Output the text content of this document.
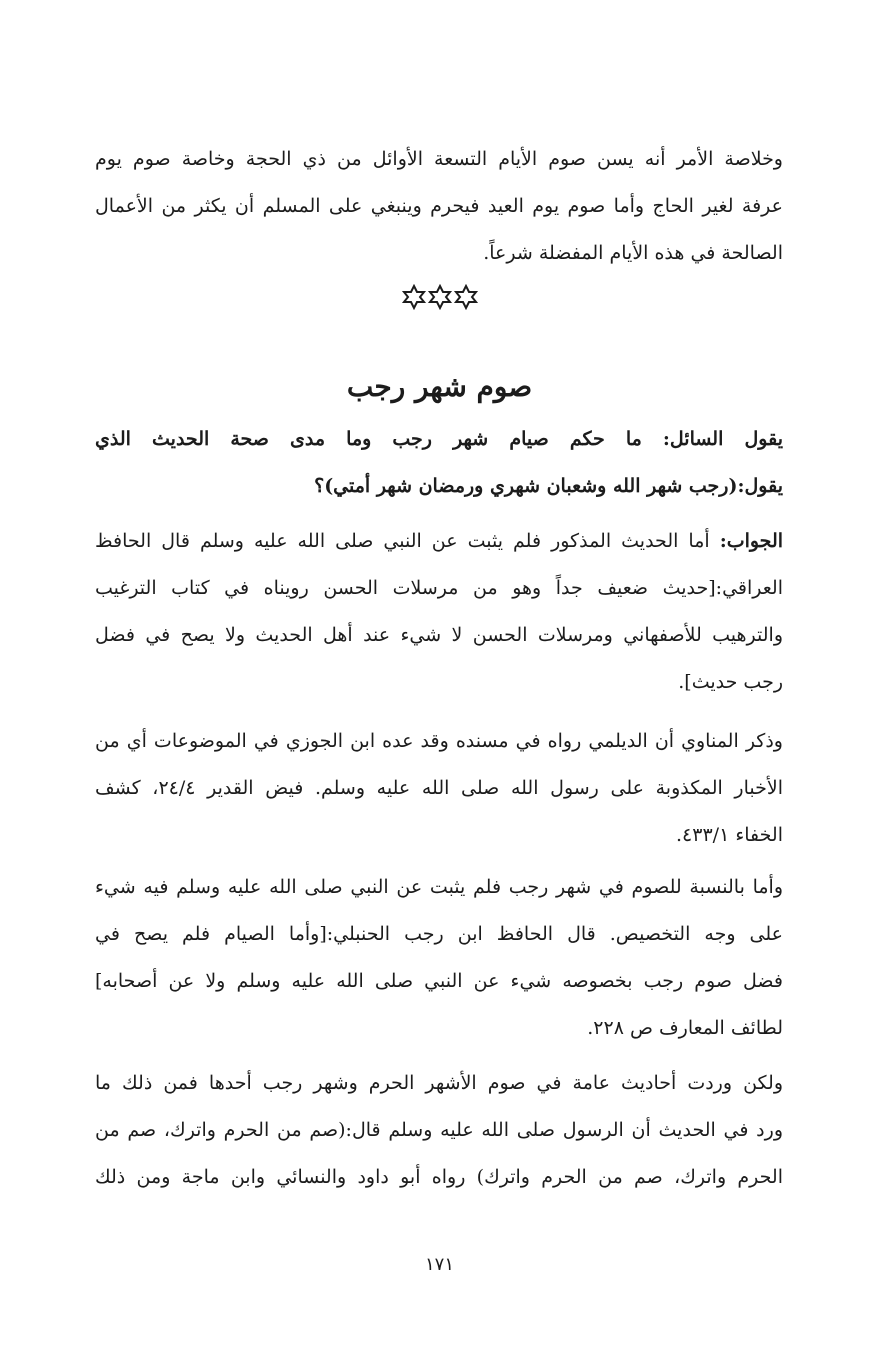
وخلاصة الأمر أنه يسن صوم الأيام التسعة الأوائل من ذي الحجة وخاصة صوم يوم
عرفة لغير الحاج وأما صوم يوم العيد فيحرم وينبغي على المسلم أن يكثر من الأعمال
الصالحة في هذه الأيام المفضلة شرعاً.
صوم شهر رجب
يقول السائل: ما حكم صيام شهر رجب وما مدى صحة الحديث الذي
يقول:(رجب شهر الله وشعبان شهري ورمضان شهر أمتي)؟
الجواب: أما الحديث المذكور فلم يثبت عن النبي صلى الله عليه وسلم قال الحافظ
العراقي:[حديث ضعيف جداً وهو من مرسلات الحسن رويناه في كتاب الترغيب
والترهيب للأصفهاني ومرسلات الحسن لا شيء عند أهل الحديث ولا يصح في فضل
رجب حديث].
وذكر المناوي أن الديلمي رواه في مسنده وقد عده ابن الجوزي في الموضوعات أي من
الأخبار المكذوبة على رسول الله صلى الله عليه وسلم. فيض القدير ٢٤/٤، كشف
الخفاء ٤٣٣/١.
وأما بالنسبة للصوم في شهر رجب فلم يثبت عن النبي صلى الله عليه وسلم فيه شيء
على وجه التخصيص. قال الحافظ ابن رجب الحنبلي:[وأما الصيام فلم يصح في
فضل صوم رجب بخصوصه شيء عن النبي صلى الله عليه وسلم ولا عن أصحابه]
لطائف المعارف ص ٢٢٨.
ولكن وردت أحاديث عامة في صوم الأشهر الحرم وشهر رجب أحدها فمن ذلك ما
ورد في الحديث أن الرسول صلى الله عليه وسلم قال:(صم من الحرم واترك، صم من
الحرم واترك، صم من الحرم واترك) رواه أبو داود والنسائي وابن ماجة ومن ذلك
١٧١
